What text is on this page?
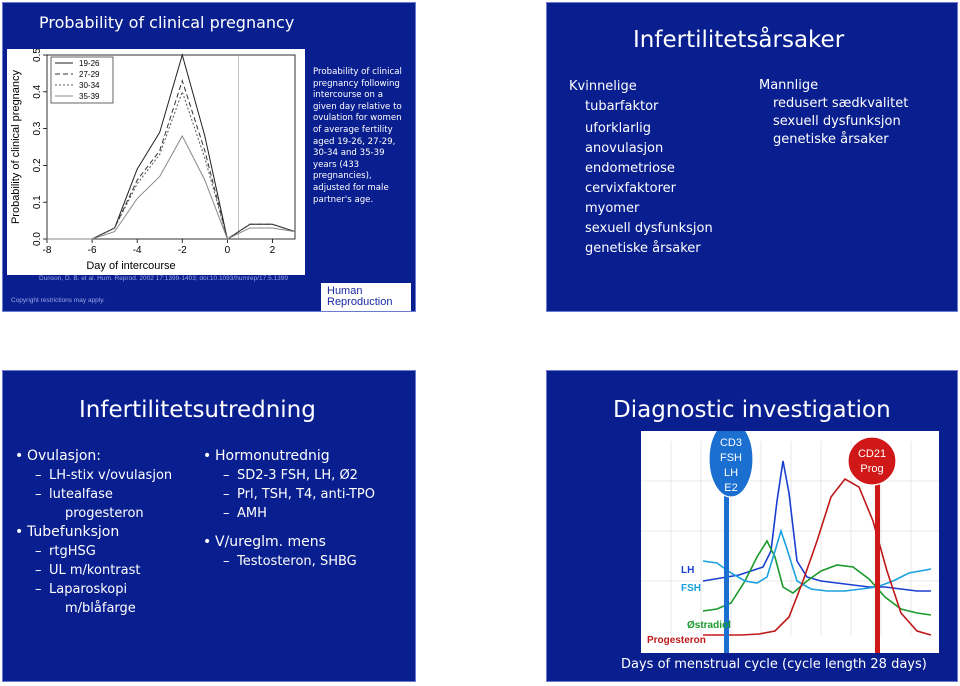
Probability of clinical pregnancy
-8	-6	-4	-2	0	2
0.0
0.1
0.2
0.3
0.4
0.5
Day of intercourse
Probability of clinical pregnancy
19-26
27-29
30-34
35-39
Probability of clinical pregnancy following intercourse on a given day relative to ovulation for women of average fertility aged 19-26, 27-29, 30-34 and 35-39 years (433 pregnancies), adjusted for male partner's age.
Dunson, D. B. et al. Hum. Reprod. 2002 17:1399-1403; doi:10.1093/humrep/17.5.1399
Copyright restrictions may apply.
Human
Reproduction
Infertilitetsårsaker
Kvinnelige
tubarfaktor
uforklarlig
anovulasjon
endometriose
cervixfaktorer
myomer
sexuell dysfunksjon
genetiske årsaker
Mannlige
redusert sædkvalitet
sexuell dysfunksjon
genetiske årsaker
Infertilitetsutredning
• Ovulasjon:
– LH-stix v/ovulasjon
– lutealfase
progesteron
• Tubefunksjon
– rtgHSG
– UL m/kontrast
– Laparoskopi
m/blåfarge
• Hormonutrednig
– SD2-3 FSH, LH, Ø2
– Prl, TSH, T4, anti-TPO
– AMH
• V/ureglm. mens
– Testosteron, SHBG
Diagnostic investigation
CD3
FSH
LH
E2
CD21
Prog
LH
FSH
Østradiol
Progesteron
Days of menstrual cycle (cycle length 28 days)
